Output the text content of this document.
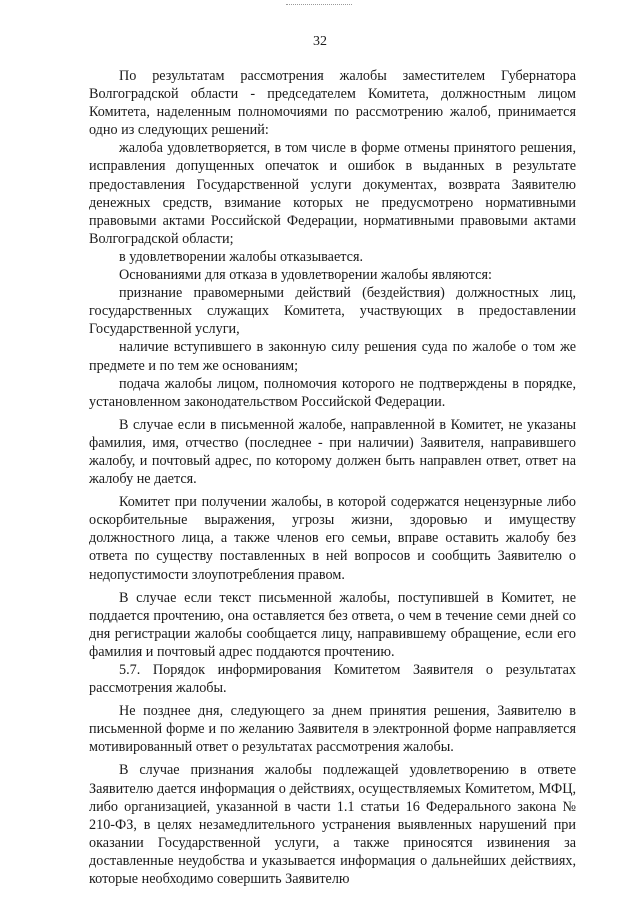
32

По результатам рассмотрения жалобы заместителем Губернатора Волгоградской области - председателем Комитета, должностным лицом Комитета, наделенным полномочиями по рассмотрению жалоб, принимается одно из следующих решений:

жалоба удовлетворяется, в том числе в форме отмены принятого решения, исправления допущенных опечаток и ошибок в выданных в результате предоставления Государственной услуги документах, возврата Заявителю денежных средств, взимание которых не предусмотрено нормативными правовыми актами Российской Федерации, нормативными правовыми актами Волгоградской области;

в удовлетворении жалобы отказывается.

Основаниями для отказа в удовлетворении жалобы являются:

признание правомерными действий (бездействия) должностных лиц, государственных служащих Комитета, участвующих в предоставлении Государственной услуги,

наличие вступившего в законную силу решения суда по жалобе о том же предмете и по тем же основаниям;

подача жалобы лицом, полномочия которого не подтверждены в порядке, установленном законодательством Российской Федерации.

В случае если в письменной жалобе, направленной в Комитет, не указаны фамилия, имя, отчество (последнее - при наличии) Заявителя, направившего жалобу, и почтовый адрес, по которому должен быть направлен ответ, ответ на жалобу не дается.

Комитет при получении жалобы, в которой содержатся нецензурные либо оскорбительные выражения, угрозы жизни, здоровью и имуществу должностного лица, а также членов его семьи, вправе оставить жалобу без ответа по существу поставленных в ней вопросов и сообщить Заявителю о недопустимости злоупотребления правом.

В случае если текст письменной жалобы, поступившей в Комитет, не поддается прочтению, она оставляется без ответа, о чем в течение семи дней со дня регистрации жалобы сообщается лицу, направившему обращение, если его фамилия и почтовый адрес поддаются прочтению.

5.7. Порядок информирования Комитетом Заявителя о результатах рассмотрения жалобы.

Не позднее дня, следующего за днем принятия решения, Заявителю в письменной форме и по желанию Заявителя в электронной форме направляется мотивированный ответ о результатах рассмотрения жалобы.

В случае признания жалобы подлежащей удовлетворению в ответе Заявителю дается информация о действиях, осуществляемых Комитетом, МФЦ, либо организацией, указанной в части 1.1 статьи 16 Федерального закона № 210-ФЗ, в целях незамедлительного устранения выявленных нарушений при оказании Государственной услуги, а также приносятся извинения за доставленные неудобства и указывается информация о дальнейших действиях, которые необходимо совершить Заявителю
